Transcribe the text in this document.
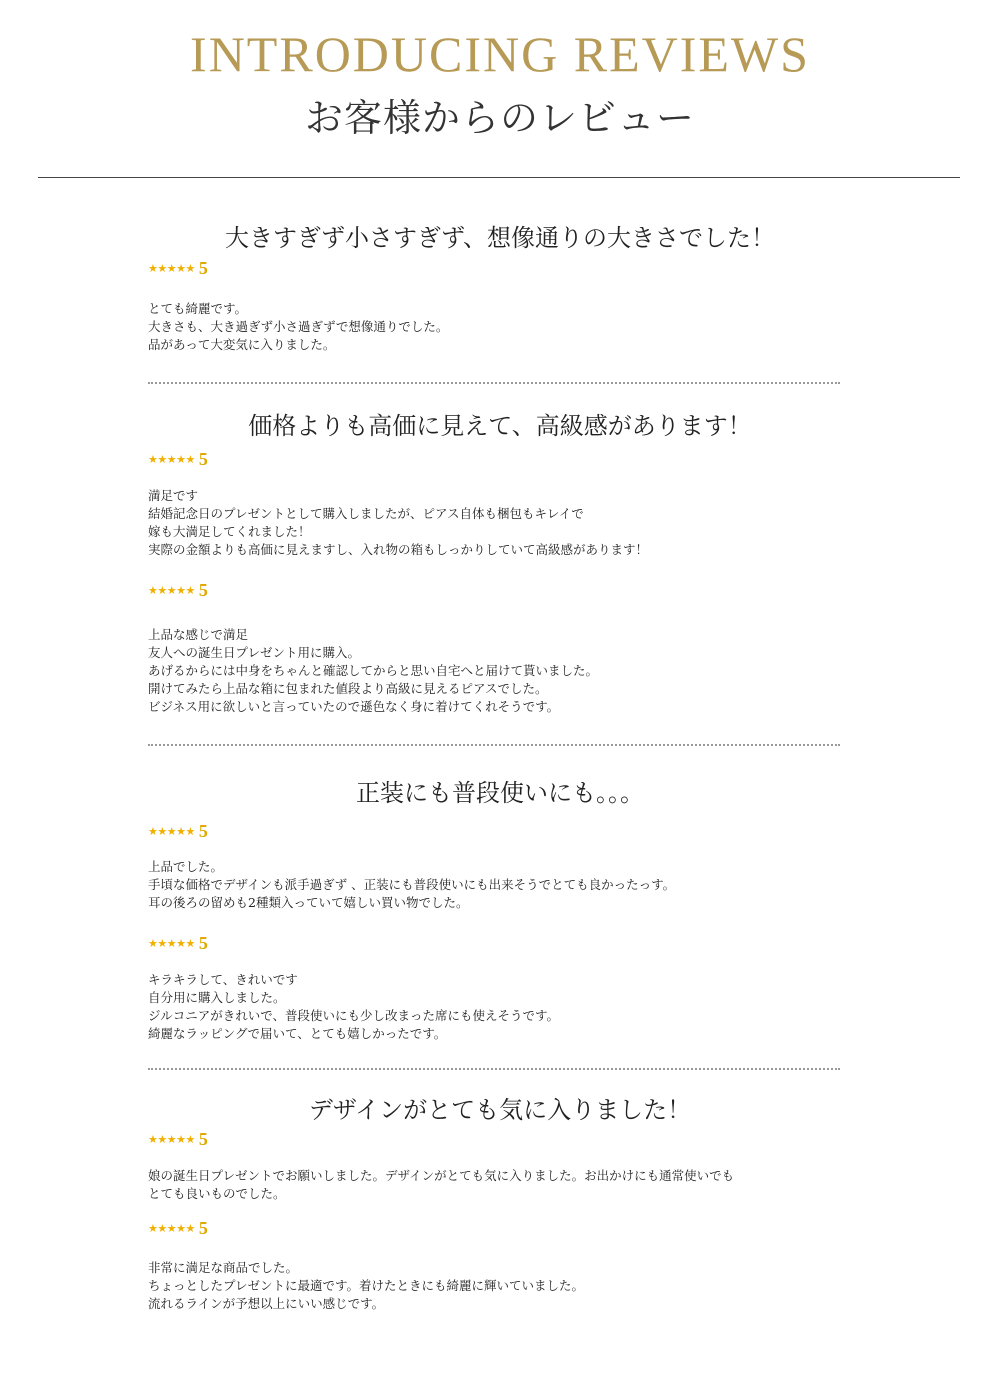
INTRODUCING REVIEWS
お客様からのレビュー
大きすぎず小さすぎず、想像通りの大きさでした！
★★★★★ 5
とても綺麗です。
大きさも、大き過ぎず小さ過ぎずで想像通りでした。
品があって大変気に入りました。
価格よりも高価に見えて、高級感があります！
★★★★★ 5
満足です
結婚記念日のプレゼントとして購入しましたが、ピアス自体も梱包もキレイで
嫁も大満足してくれました！
実際の金額よりも高価に見えますし、入れ物の箱もしっかりしていて高級感があります！
★★★★★ 5
上品な感じで満足
友人への誕生日プレゼント用に購入。
あげるからには中身をちゃんと確認してからと思い自宅へと届けて貰いました。
開けてみたら上品な箱に包まれた値段より高級に見えるピアスでした。
ビジネス用に欲しいと言っていたので遜色なく身に着けてくれそうです。
正装にも普段使いにも。。。
★★★★★ 5
上品でした。
手頃な価格でデザインも派手過ぎず 、正装にも普段使いにも出来そうでとても良かったっす。
耳の後ろの留めも2種類入っていて嬉しい買い物でした。
★★★★★ 5
キラキラして、きれいです
自分用に購入しました。
ジルコニアがきれいで、普段使いにも少し改まった席にも使えそうです。
綺麗なラッピングで届いて、とても嬉しかったです。
デザインがとても気に入りました！
★★★★★ 5
娘の誕生日プレゼントでお願いしました。デザインがとても気に入りました。お出かけにも通常使いでも
とても良いものでした。
★★★★★ 5
非常に満足な商品でした。
ちょっとしたプレゼントに最適です。着けたときにも綺麗に輝いていました。
流れるラインが予想以上にいい感じです。
